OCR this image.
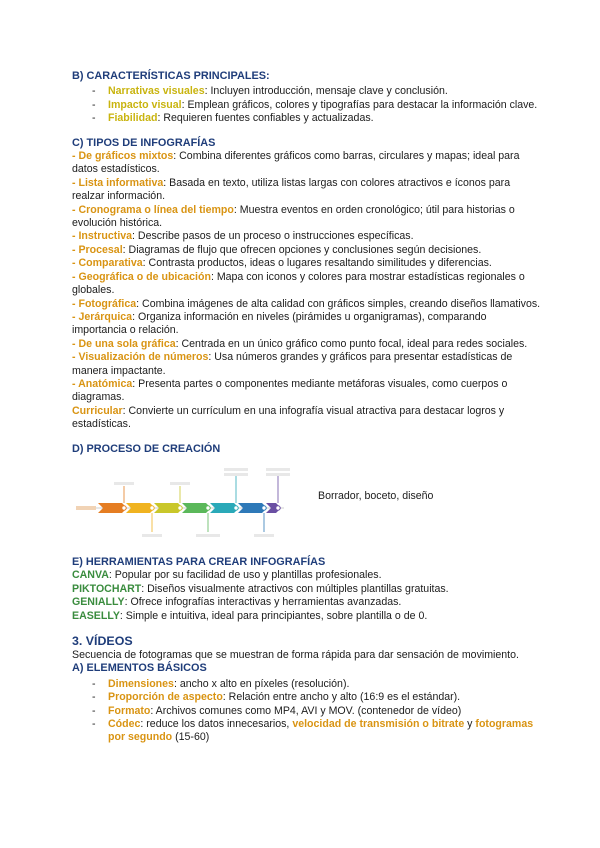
B) CARACTERÍSTICAS PRINCIPALES:

- Narrativas visuales: Incluyen introducción, mensaje clave y conclusión.
- Impacto visual: Emplean gráficos, colores y tipografías para destacar la información clave.
- Fiabilidad: Requieren fuentes confiables y actualizadas.

C) TIPOS DE INFOGRAFÍAS

- De gráficos mixtos: Combina diferentes gráficos como barras, circulares y mapas; ideal para datos estadísticos.

- Lista informativa: Basada en texto, utiliza listas largas con colores atractivos e íconos para realzar información.

- Cronograma o línea del tiempo: Muestra eventos en orden cronológico; útil para historias o evolución histórica.

- Instructiva: Describe pasos de un proceso o instrucciones específicas.

- Procesal: Diagramas de flujo que ofrecen opciones y conclusiones según decisiones.

- Comparativa: Contrasta productos, ideas o lugares resaltando similitudes y diferencias.

- Geográfica o de ubicación: Mapa con iconos y colores para mostrar estadísticas regionales o globales.

- Fotográfica: Combina imágenes de alta calidad con gráficos simples, creando diseños llamativos.

- Jerárquica: Organiza información en niveles (pirámides u organigramas), comparando importancia o relación.

- De una sola gráfica: Centrada en un único gráfico como punto focal, ideal para redes sociales.

- Visualización de números: Usa números grandes y gráficos para presentar estadísticas de manera impactante.

- Anatómica: Presenta partes o componentes mediante metáforas visuales, como cuerpos o diagramas.

Curricular: Convierte un currículum en una infografía visual atractiva para destacar logros y estadísticas.

D) PROCESO DE CREACIÓN

Borrador, boceto, diseño

E) HERRAMIENTAS PARA CREAR INFOGRAFÍAS

CANVA: Popular por su facilidad de uso y plantillas profesionales.

PIKTOCHART: Diseños visualmente atractivos con múltiples plantillas gratuitas.

GENIALLY: Ofrece infografías interactivas y herramientas avanzadas.

EASELLY: Simple e intuitiva, ideal para principiantes, sobre plantilla o de 0.

3. VÍDEOS

Secuencia de fotogramas que se muestran de forma rápida para dar sensación de movimiento.

A) ELEMENTOS BÁSICOS

- Dimensiones: ancho x alto en píxeles (resolución).
- Proporción de aspecto: Relación entre ancho y alto (16:9 es el estándar).
- Formato: Archivos comunes como MP4, AVI y MOV. (contenedor de vídeo)
- Códec: reduce los datos innecesarios, velocidad de transmisión o bitrate y fotogramas por segundo (15-60)
